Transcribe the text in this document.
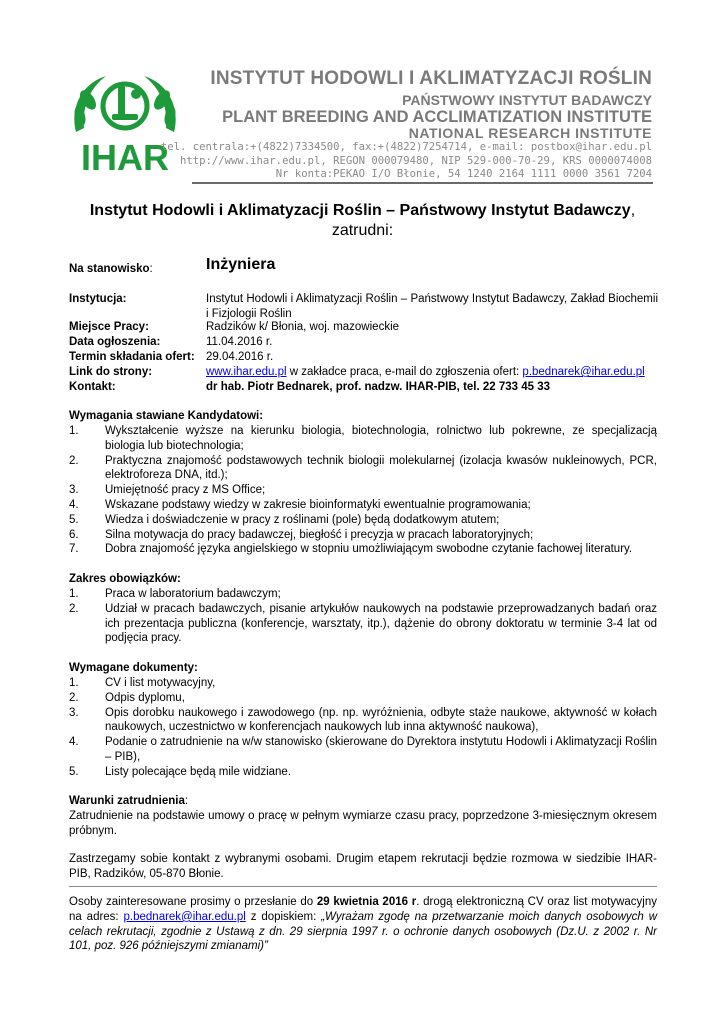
IHAR
INSTYTUT HODOWLI I AKLIMATYZACJI ROŚLIN
PAŃSTWOWY INSTYTUT BADAWCZY
PLANT BREEDING AND ACCLIMATIZATION INSTITUTE
NATIONAL RESEARCH INSTITUTE
tel. centrala:+(4822)7334500, fax:+(4822)7254714, e-mail: postbox@ihar.edu.pl
http://www.ihar.edu.pl, REGON 000079480, NIP 529-000-70-29, KRS 0000074008
Nr konta:PEKAO I/O Błonie, 54 1240 2164 1111 0000 3561 7204
Instytut Hodowli i Aklimatyzacji Roślin – Państwowy Instytut Badawczy,
zatrudni:
Na stanowisko:	Inżyniera
Instytucja:	Instytut Hodowli i Aklimatyzacji Roślin – Państwowy Instytut Badawczy, Zakład Biochemii i Fizjologii Roślin
Miejsce Pracy:	Radzików k/ Błonia, woj. mazowieckie
Data ogłoszenia:	11.04.2016 r.
Termin składania ofert: 29.04.2016 r.
Link do strony:	www.ihar.edu.pl w zakładce praca, e-mail do zgłoszenia ofert: p.bednarek@ihar.edu.pl
Kontakt:	dr hab. Piotr Bednarek, prof. nadzw. IHAR-PIB, tel. 22 733 45 33
Wymagania stawiane Kandydatowi:
1.	Wykształcenie wyższe na kierunku biologia, biotechnologia, rolnictwo lub pokrewne, ze specjalizacją biologia lub biotechnologia;
2.	Praktyczna znajomość podstawowych technik biologii molekularnej (izolacja kwasów nukleinowych, PCR, elektroforeza DNA, itd.);
3.	Umiejętność pracy z MS Office;
4.	Wskazane podstawy wiedzy w zakresie bioinformatyki ewentualnie programowania;
5.	Wiedza i doświadczenie w pracy z roślinami (pole) będą dodatkowym atutem;
6.	Silna motywacja do pracy badawczej, biegłość i precyzja w pracach laboratoryjnych;
7.	Dobra znajomość języka angielskiego w stopniu umożliwiającym swobodne czytanie fachowej literatury.
Zakres obowiązków:
1.	Praca w laboratorium badawczym;
2.	Udział w pracach badawczych, pisanie artykułów naukowych na podstawie przeprowadzanych badań oraz ich prezentacja publiczna (konferencje, warsztaty, itp.), dążenie do obrony doktoratu w terminie 3-4 lat od podjęcia pracy.
Wymagane dokumenty:
1.	CV i list motywacyjny,
2.	Odpis dyplomu,
3.	Opis dorobku naukowego i zawodowego (np. np. wyróżnienia, odbyte staże naukowe, aktywność w kołach naukowych, uczestnictwo w konferencjach naukowych lub inna aktywność naukowa),
4.	Podanie o zatrudnienie na w/w stanowisko (skierowane do Dyrektora instytutu Hodowli i Aklimatyzacji Roślin – PIB),
5.	Listy polecające będą mile widziane.
Warunki zatrudnienia:
Zatrudnienie na podstawie umowy o pracę w pełnym wymiarze czasu pracy, poprzedzone 3-miesięcznym okresem próbnym.
Zastrzegamy sobie kontakt z wybranymi osobami. Drugim etapem rekrutacji będzie rozmowa w siedzibie IHAR-PIB, Radzików, 05-870 Błonie.
Osoby zainteresowane prosimy o przesłanie do 29 kwietnia 2016 r. drogą elektroniczną CV oraz list motywacyjny na adres: p.bednarek@ihar.edu.pl z dopiskiem: „Wyrażam zgodę na przetwarzanie moich danych osobowych w celach rekrutacji, zgodnie z Ustawą z dn. 29 sierpnia 1997 r. o ochronie danych osobowych (Dz.U. z 2002 r. Nr 101, poz. 926 późniejszymi zmianami)”
